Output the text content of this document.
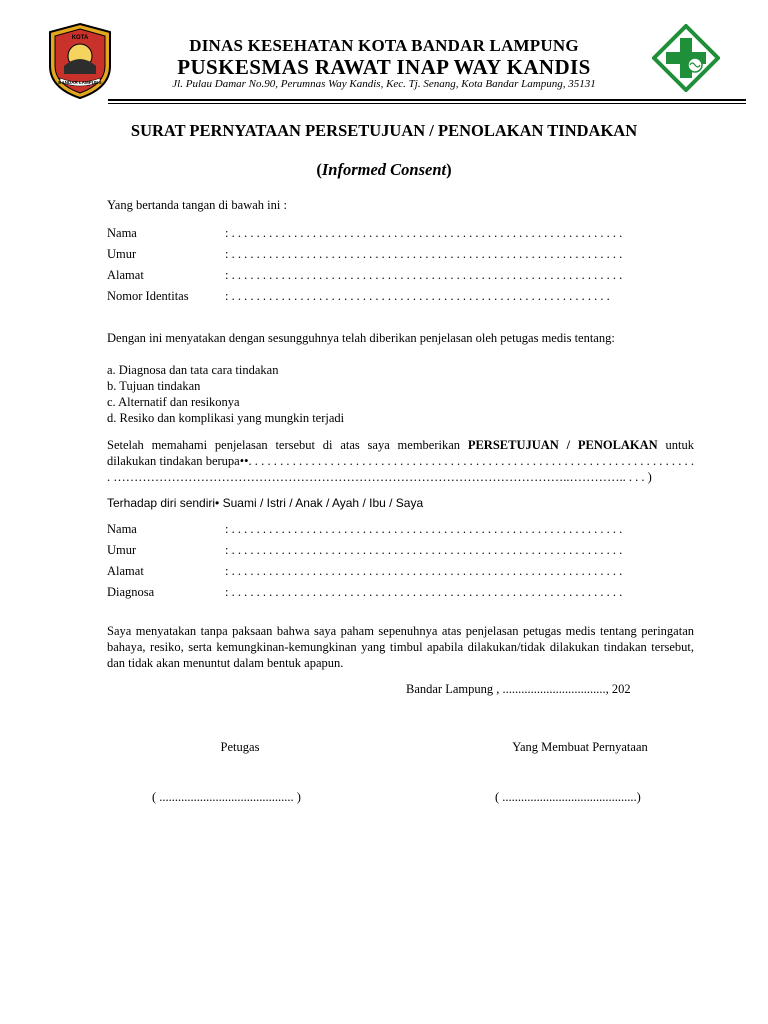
KOTA
BANDAR LAMPUNG
DINAS KESEHATAN KOTA BANDAR LAMPUNG
PUSKESMAS RAWAT INAP WAY KANDIS
Jl. Pulau Damar No.90, Perumnas Way Kandis, Kec. Tj. Senang, Kota Bandar Lampung, 35131
SURAT PERNYATAAN PERSETUJUAN / PENOLAKAN TINDAKAN
(Informed Consent)
Yang bertanda tangan di bawah ini :
Nama	: . . . . . . . . . . . . . . . . . . . . . . . . . . . . . . . . . . . . . . . . . . . . . . . . . . . . . . . . . . . . . . .
Umur	: . . . . . . . . . . . . . . . . . . . . . . . . . . . . . . . . . . . . . . . . . . . . . . . . . . . . . . . . . . . . . . .
Alamat	: . . . . . . . . . . . . . . . . . . . . . . . . . . . . . . . . . . . . . . . . . . . . . . . . . . . . . . . . . . . . . . .
Nomor Identitas	: . . . . . . . . . . . . . . . . . . . . . . . . . . . . . . . . . . . . . . . . . . . . . . . . . . . . . . . . . . . . .
Dengan ini menyatakan dengan sesungguhnya telah diberikan penjelasan oleh petugas medis tentang:
a. Diagnosa dan tata cara tindakan
b. Tujuan tindakan
c. Alternatif dan resikonya
d. Resiko dan komplikasi yang mungkin terjadi
Setelah memahami penjelasan tersebut di atas saya memberikan PERSETUJUAN / PENOLAKAN untuk dilakukan tindakan berupa••. . . . . . . . . . . . . . . . . . . . . . . . . . . . . . . . . . . . . . . . . . . . . . . . . . . . . . . . . . . . . . . . . . . . . . . . ………………………………………………………………………………………………..………….. . . . )
Terhadap diri sendiri• Suami / Istri / Anak / Ayah / Ibu / Saya
Nama	: . . . . . . . . . . . . . . . . . . . . . . . . . . . . . . . . . . . . . . . . . . . . . . . . . . . . . . . . . . . . . . .
Umur	: . . . . . . . . . . . . . . . . . . . . . . . . . . . . . . . . . . . . . . . . . . . . . . . . . . . . . . . . . . . . . . .
Alamat	: . . . . . . . . . . . . . . . . . . . . . . . . . . . . . . . . . . . . . . . . . . . . . . . . . . . . . . . . . . . . . . .
Diagnosa	: . . . . . . . . . . . . . . . . . . . . . . . . . . . . . . . . . . . . . . . . . . . . . . . . . . . . . . . . . . . . . . .
Saya menyatakan tanpa paksaan bahwa saya paham sepenuhnya atas penjelasan petugas medis tentang peringatan bahaya, resiko, serta kemungkinan-kemungkinan yang timbul apabila dilakukan/tidak dilakukan tindakan tersebut, dan tidak akan menuntut dalam bentuk apapun.
Bandar Lampung , ................................., 202
Petugas	Yang Membuat Pernyataan
( ........................................... )	( ...........................................)
